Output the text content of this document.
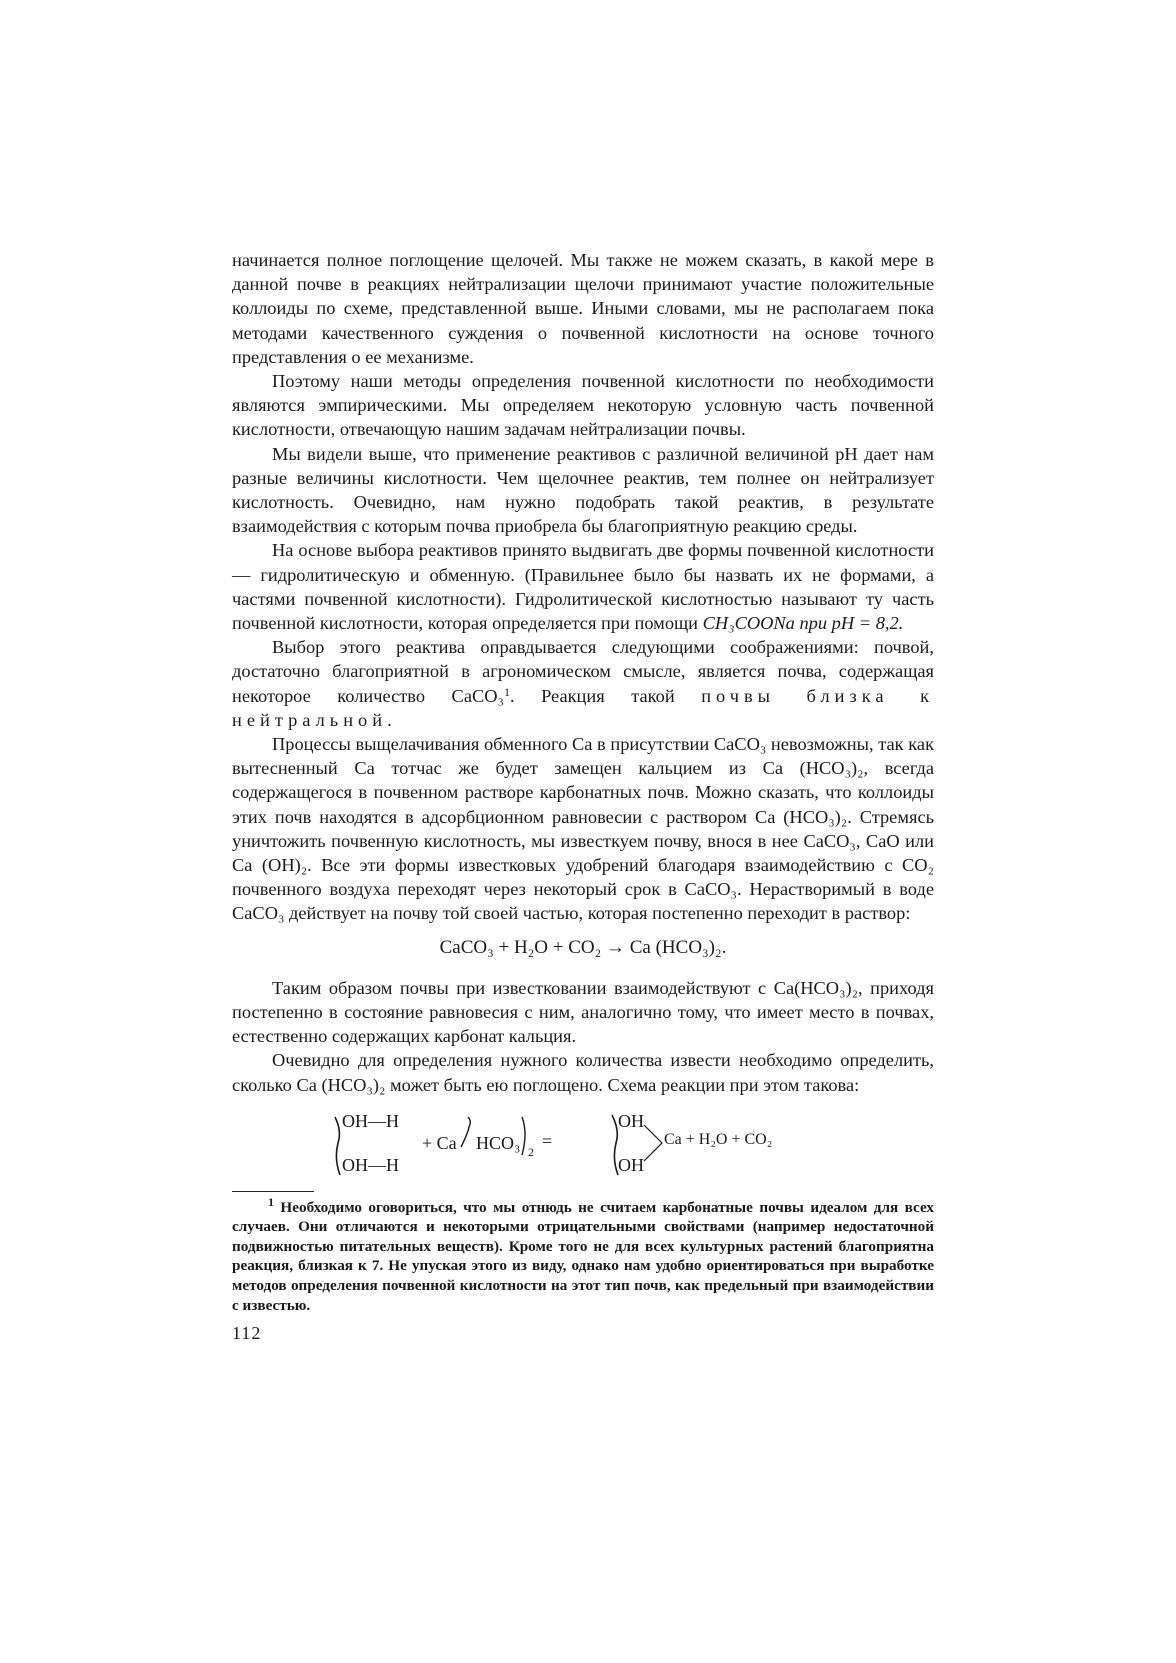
начинается полное поглощение щелочей. Мы также не можем сказать, в какой мере в данной почве в реакциях нейтрализации щелочи принимают участие положительные коллоиды по схеме, представленной выше. Иными словами, мы не располагаем пока методами качественного суждения о почвенной кислотности на основе точного представления о ее механизме.

Поэтому наши методы определения почвенной кислотности по необходимости являются эмпирическими. Мы определяем некоторую условную часть почвенной кислотности, отвечающую нашим задачам нейтрализации почвы.

Мы видели выше, что применение реактивов с различной величиной рН дает нам разные величины кислотности. Чем щелочнее реактив, тем полнее он нейтрализует кислотность. Очевидно, нам нужно подобрать такой реактив, в результате взаимодействия с которым почва приобрела бы благоприятную реакцию среды.

На основе выбора реактивов принято выдвигать две формы почвенной кислотности — гидролитическую и обменную. (Правильнее было бы назвать их не формами, а частями почвенной кислотности). Гидролитической кислотностью называют ту часть почвенной кислотности, которая определяется при помощи CH₃COONa при pH = 8,2.

Выбор этого реактива оправдывается следующими соображениями: почвой, достаточно благоприятной в агрономическом смысле, является почва, содержащая некоторое количество CaCO₃$^1$. Реакция такой почвы близка к нейтральной.

Процессы выщелачивания обменного Ca в присутствии CaCO₃ невозможны, так как вытесненный Ca тотчас же будет замещен кальцием из Ca (HCO₃)₂, всегда содержащегося в почвенном растворе карбонатных почв. Можно сказать, что коллоиды этих почв находятся в адсорбционном равновесии с раствором Ca (HCO₃)₂. Стремясь уничтожить почвенную кислотность, мы известкуем почву, внося в нее CaCO₃, CaO или Ca (OH)₂. Все эти формы известковых удобрений благодаря взаимодействию с CO₂ почвенного воздуха переходят через некоторый срок в CaCO₃. Нерастворимый в воде CaCO₃ действует на почву той своей частью, которая постепенно переходит в раствор:

CaCO₃ + H₂O + CO₂ → Ca (HCO₃)₂.

Таким образом почвы при известковании взаимодействуют с Ca(HCO₃)₂, приходя постепенно в состояние равновесия с ним, аналогично тому, что имеет место в почвах, естественно содержащих карбонат кальция.

Очевидно для определения нужного количества извести необходимо определить, сколько Ca (HCO₃)₂ может быть ею поглощено. Схема реакции при этом такова:

OH—H
OH—H
+ Ca HCO₃ 2
=
OH
OH
Ca + H₂O + CO₂

$^1$ Необходимо оговориться, что мы отнюдь не считаем карбонатные почвы идеалом для всех случаев. Они отличаются и некоторыми отрицательными свойствами (например недостаточной подвижностью питательных веществ). Кроме того не для всех культурных растений благоприятна реакция, близкая к 7. Не упуская этого из виду, однако нам удобно ориентироваться при выработке методов определения почвенной кислотности на этот тип почв, как предельный при взаимодействии с известью.

112
